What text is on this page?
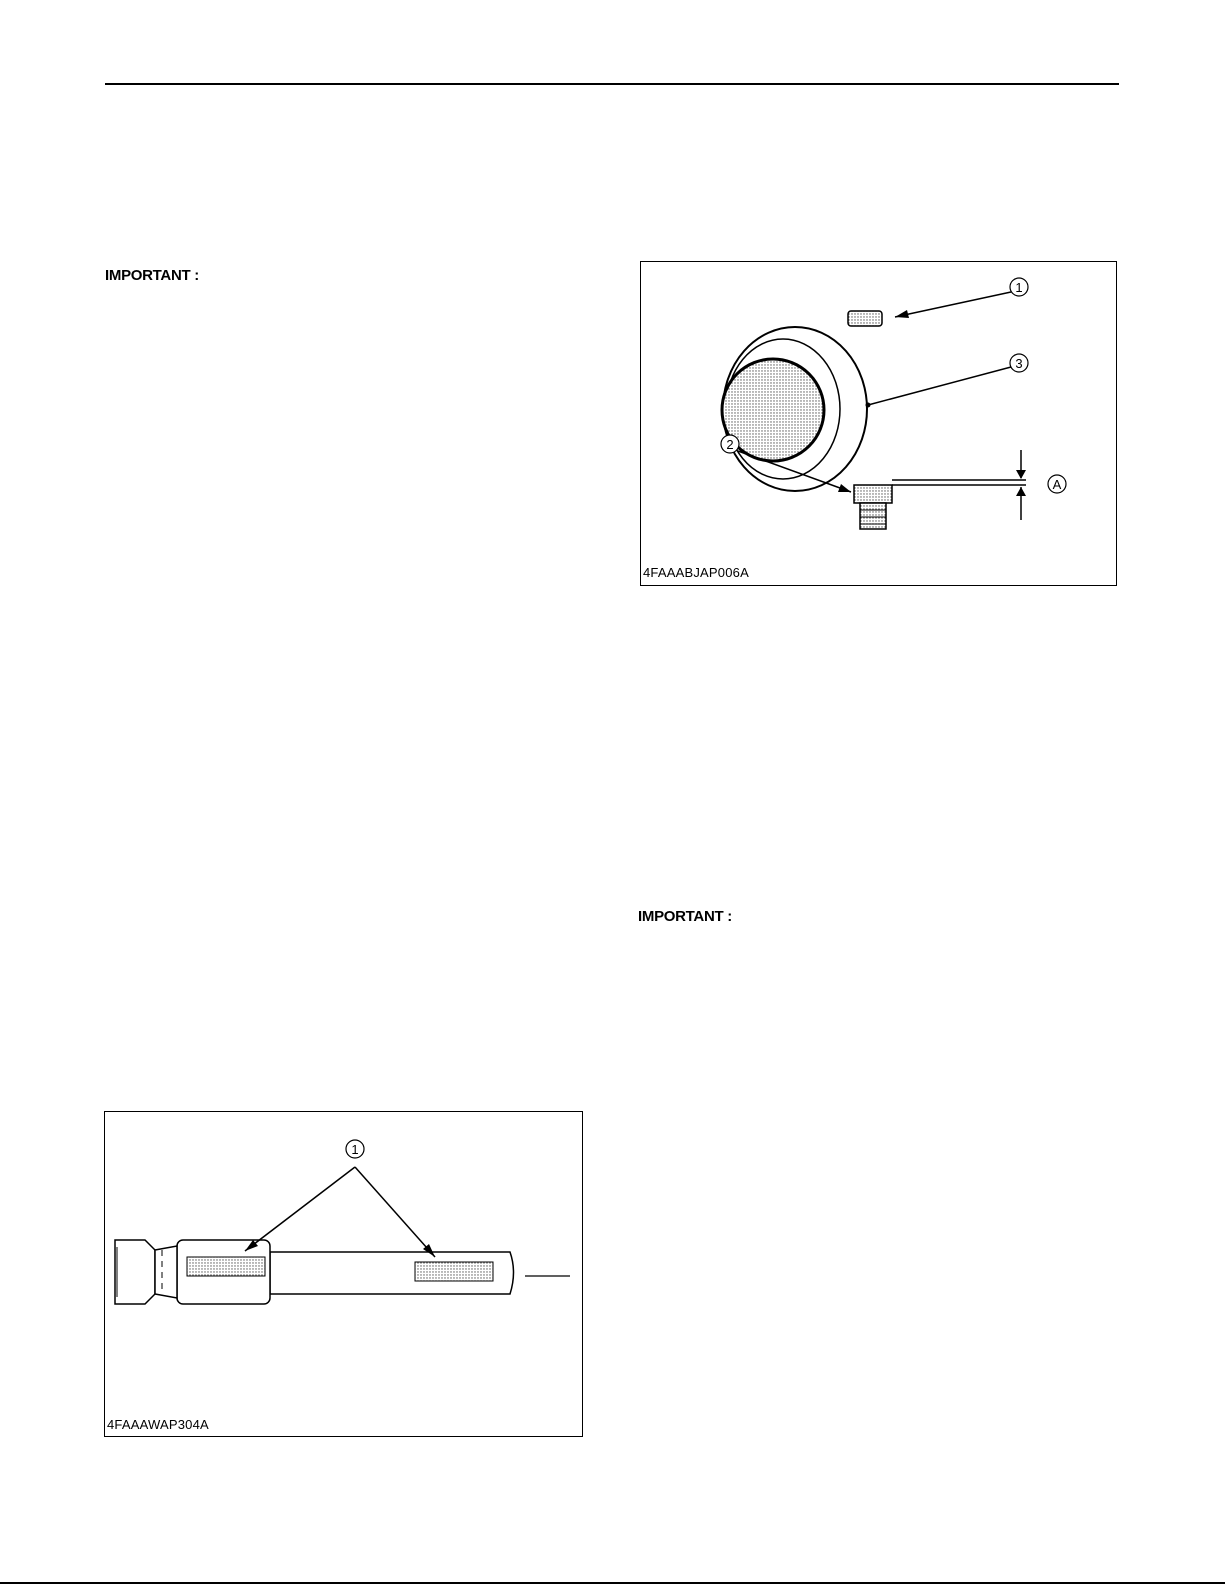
IMPORTANT :
IMPORTANT :
1
2
3
A
4FAAABJAP006A
1
4FAAAWAP304A
